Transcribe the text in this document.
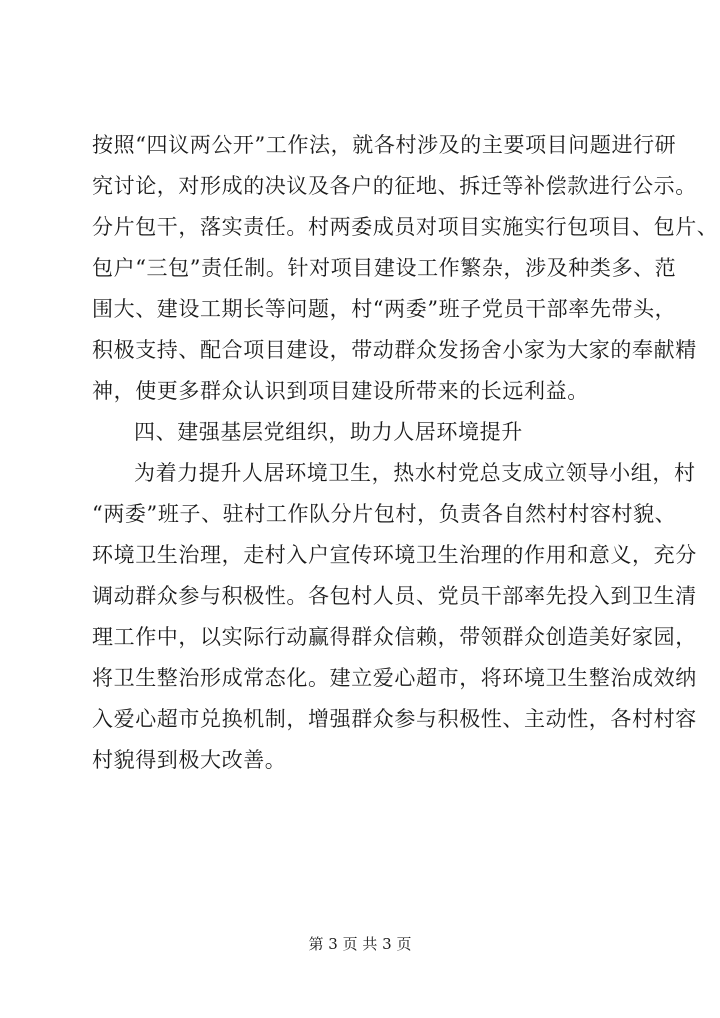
按照“四议两公开”工作法，就各村涉及的主要项目问题进行研
究讨论，对形成的决议及各户的征地、拆迁等补偿款进行公示。
分片包干，落实责任。村两委成员对项目实施实行包项目、包片、
包户“三包”责任制。针对项目建设工作繁杂，涉及种类多、范
围大、建设工期长等问题，村“两委”班子党员干部率先带头，
积极支持、配合项目建设，带动群众发扬舍小家为大家的奉献精
神，使更多群众认识到项目建设所带来的长远利益。
四、建强基层党组织，助力人居环境提升
为着力提升人居环境卫生，热水村党总支成立领导小组，村
“两委”班子、驻村工作队分片包村，负责各自然村村容村貌、
环境卫生治理，走村入户宣传环境卫生治理的作用和意义，充分
调动群众参与积极性。各包村人员、党员干部率先投入到卫生清
理工作中，以实际行动赢得群众信赖，带领群众创造美好家园，
将卫生整治形成常态化。建立爱心超市，将环境卫生整治成效纳
入爱心超市兑换机制，增强群众参与积极性、主动性，各村村容
村貌得到极大改善。
第 3 页 共 3 页
